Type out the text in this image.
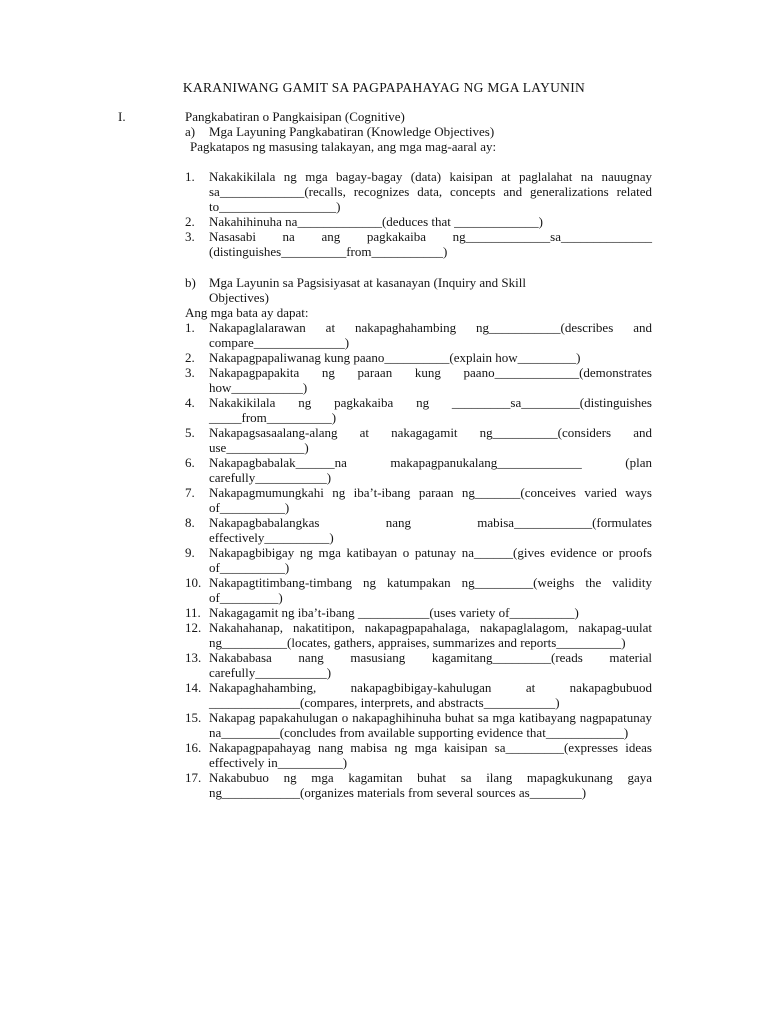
KARANIWANG GAMIT SA PAGPAPAHAYAG NG MGA LAYUNIN
I.	Pangkabatiran o Pangkaisipan (Cognitive)
a) Mga Layuning Pangkabatiran (Knowledge Objectives)
Pagkatapos ng masusing talakayan, ang mga mag-aaral ay:
1. Nakakikilala ng mga bagay-bagay (data) kaisipan at paglalahat na nauugnay sa_____________(recalls, recognizes data, concepts and generalizations related to__________________)
2. Nakahihinuha na_____________(deduces that _____________)
3. Nasasabi na ang pagkakaiba ng_____________sa______________ (distinguishes__________from___________)
b) Mga Layunin sa Pagsisiyasat at kasanayan (Inquiry and Skill
Objectives)
Ang mga bata ay dapat:
1. Nakapaglalarawan at nakapaghahambing ng___________(describes and compare______________)
2. Nakapagpapaliwanag kung paano__________(explain how_________)
3. Nakapagpapakita ng paraan kung paano_____________(demonstrates how___________)
4. Nakakikilala ng pagkakaiba ng _________sa_________(distinguishes _____from__________)
5. Nakapagsasaalang-alang at nakagagamit ng__________(considers and use____________)
6. Nakapagbabalak______na makapagpanukalang_____________ (plan carefully___________)
7. Nakapagmumungkahi ng iba’t-ibang paraan ng_______(conceives varied ways of__________)
8. Nakapagbabalangkas nang mabisa____________(formulates effectively__________)
9. Nakapagbibigay ng mga katibayan o patunay na______(gives evidence or proofs of__________)
10. Nakapagtitimbang-timbang ng katumpakan ng_________(weighs the validity of_________)
11. Nakagagamit ng iba’t-ibang ___________(uses variety of__________)
12. Nakahahanap, nakatitipon, nakapagpapahalaga, nakapaglalagom, nakapag-uulat ng__________(locates, gathers, appraises, summarizes and reports__________)
13. Nakababasa nang masusiang kagamitang_________(reads material carefully___________)
14. Nakapaghahambing, nakapagbibigay-kahulugan at nakapagbubuod ______________(compares, interprets, and abstracts___________)
15. Nakapag papakahulugan o nakapaghihinuha buhat sa mga katibayang nagpapatunay na_________(concludes from available supporting evidence that____________)
16. Nakapagpapahayag nang mabisa ng mga kaisipan sa_________(expresses ideas effectively in__________)
17. Nakabubuo ng mga kagamitan buhat sa ilang mapagkukunang gaya ng____________(organizes materials from several sources as________)
